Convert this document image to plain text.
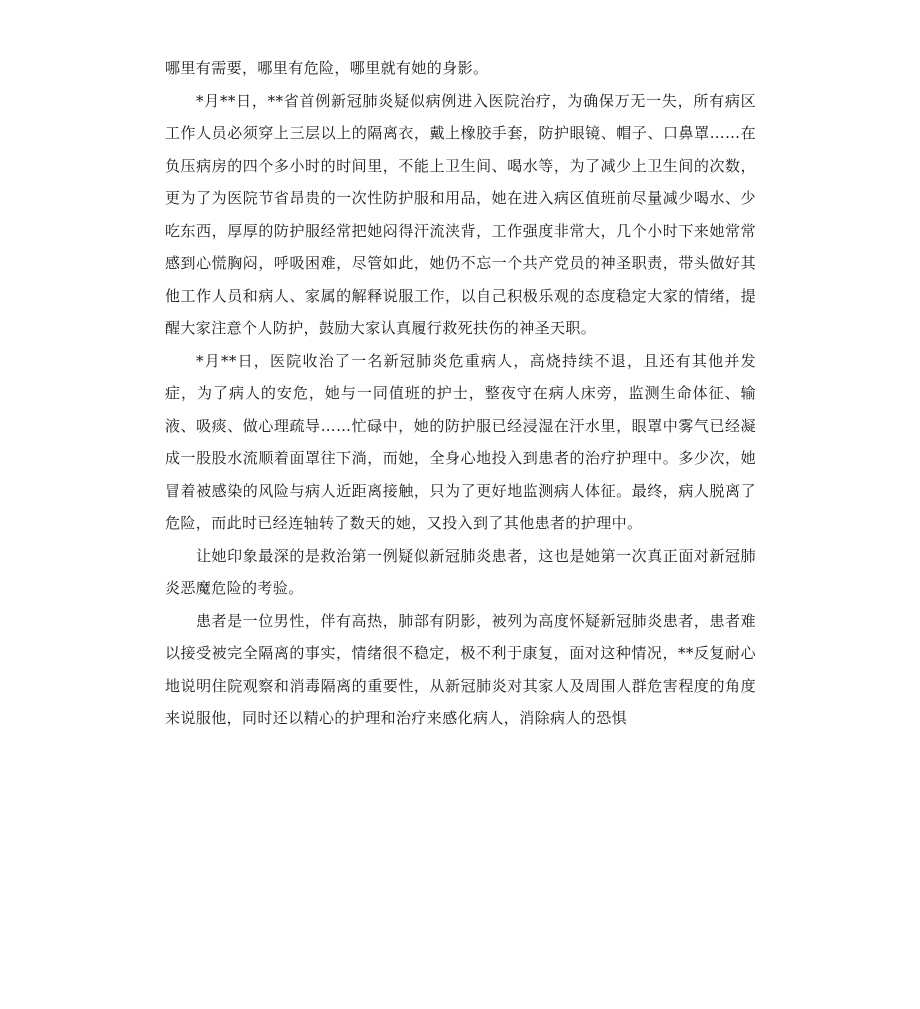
哪里有需要，哪里有危险，哪里就有她的身影。

*月**日，**省首例新冠肺炎疑似病例进入医院治疗，为确保万无一失，所有病区工作人员必须穿上三层以上的隔离衣，戴上橡胶手套，防护眼镜、帽子、口鼻罩……在负压病房的四个多小时的时间里，不能上卫生间、喝水等，为了减少上卫生间的次数，更为了为医院节省昂贵的一次性防护服和用品，她在进入病区值班前尽量减少喝水、少吃东西，厚厚的防护服经常把她闷得汗流浃背，工作强度非常大，几个小时下来她常常感到心慌胸闷，呼吸困难，尽管如此，她仍不忘一个共产党员的神圣职责，带头做好其他工作人员和病人、家属的解释说服工作，以自己积极乐观的态度稳定大家的情绪，提醒大家注意个人防护，鼓励大家认真履行救死扶伤的神圣天职。

*月**日，医院收治了一名新冠肺炎危重病人，高烧持续不退，且还有其他并发症，为了病人的安危，她与一同值班的护士，整夜守在病人床旁，监测生命体征、输液、吸痰、做心理疏导……忙碌中，她的防护服已经浸湿在汗水里，眼罩中雾气已经凝成一股股水流顺着面罩往下淌，而她，全身心地投入到患者的治疗护理中。多少次，她冒着被感染的风险与病人近距离接触，只为了更好地监测病人体征。最终，病人脱离了危险，而此时已经连轴转了数天的她，又投入到了其他患者的护理中。

让她印象最深的是救治第一例疑似新冠肺炎患者，这也是她第一次真正面对新冠肺炎恶魔危险的考验。

患者是一位男性，伴有高热，肺部有阴影，被列为高度怀疑新冠肺炎患者，患者难以接受被完全隔离的事实，情绪很不稳定，极不利于康复，面对这种情况，**反复耐心地说明住院观察和消毒隔离的重要性，从新冠肺炎对其家人及周围人群危害程度的角度来说服他，同时还以精心的护理和治疗来感化病人，消除病人的恐惧
